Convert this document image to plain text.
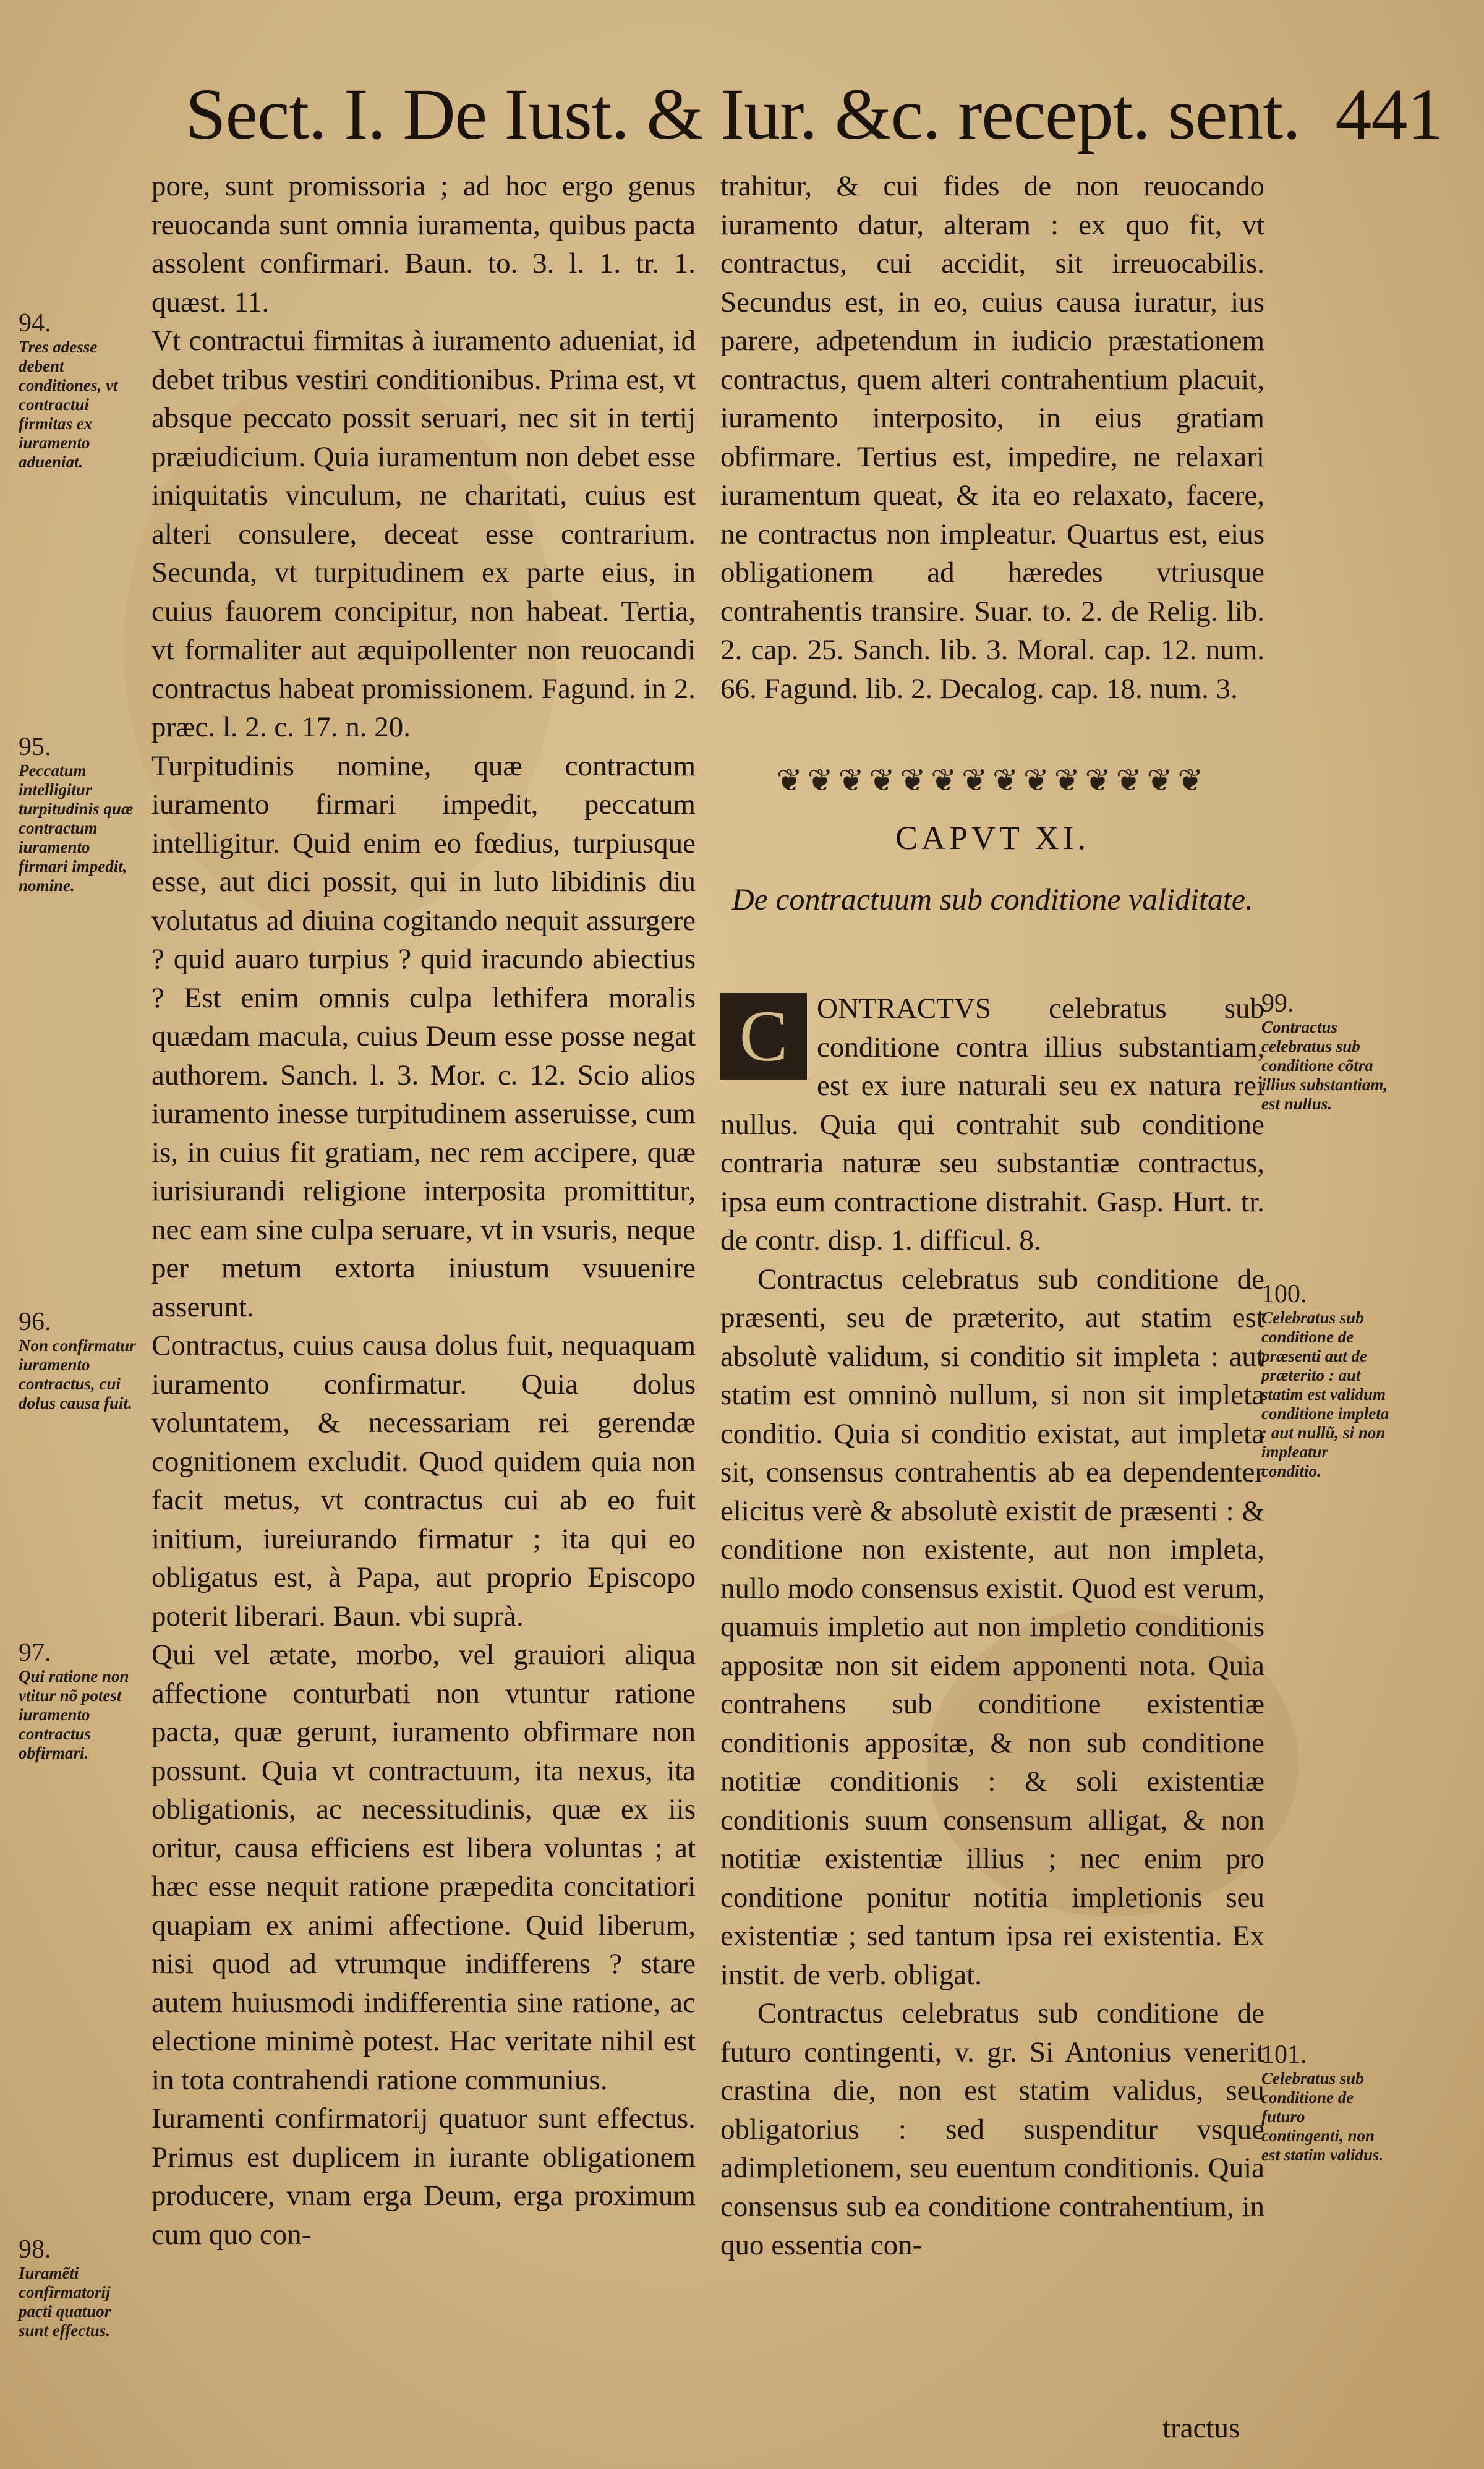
Sect. I. De Iust. & Iur. &c. recept. sent. 441
94.
Tres adesse debent conditiones, vt contractui firmitas ex iuramento adueniat.
95.
Peccatum intelligitur turpitudinis quæ contractum iuramento firmari impedit, nomine.
96.
Non confirmatur iuramento contractus, cui dolus causa fuit.
97.
Qui ratione non vtitur nõ potest iuramento contractus obfirmari.
98.
Iuramẽti confirmatorij pacti quatuor sunt effectus.

pore, sunt promissoria ; ad hoc ergo genus reuocanda sunt omnia iuramenta, quibus pacta assolent confirmari. Baun. to. 3. l. 1. tr. 1. quæst. 11.

Vt contractui firmitas à iuramento adueniat, id debet tribus vestiri conditionibus. Prima est, vt absque peccato possit seruari, nec sit in tertij præiudicium. Quia iuramentum non debet esse iniquitatis vinculum, ne charitati, cuius est alteri consulere, deceat esse contrarium. Secunda, vt turpitudinem ex parte eius, in cuius fauorem concipitur, non habeat. Tertia, vt formaliter aut æquipollenter non reuocandi contractus habeat promissionem. Fagund. in 2. præc. l. 2. c. 17. n. 20.

Turpitudinis nomine, quæ contractum iuramento firmari impedit, peccatum intelligitur. Quid enim eo fœdius, turpiusque esse, aut dici possit, qui in luto libidinis diu volutatus ad diuina cogitando nequit assurgere ? quid auaro turpius ? quid iracundo abiectius ? Est enim omnis culpa lethifera moralis quædam macula, cuius Deum esse posse negat authorem. Sanch. l. 3. Mor. c. 12. Scio alios iuramento inesse turpitudinem asseruisse, cum is, in cuius fit gratiam, nec rem accipere, quæ iurisiurandi religione interposita promittitur, nec eam sine culpa seruare, vt in vsuris, neque per metum extorta iniustum vsuuenire asserunt.

Contractus, cuius causa dolus fuit, nequaquam iuramento confirmatur. Quia dolus voluntatem, & necessariam rei gerendæ cognitionem excludit. Quod quidem quia non facit metus, vt contractus cui ab eo fuit initium, iureiurando firmatur ; ita qui eo obligatus est, à Papa, aut proprio Episcopo poterit liberari. Baun. vbi suprà.

Qui vel ætate, morbo, vel grauiori aliqua affectione conturbati non vtuntur ratione pacta, quæ gerunt, iuramento obfirmare non possunt. Quia vt contractuum, ita nexus, ita obligationis, ac necessitudinis, quæ ex iis oritur, causa efficiens est libera voluntas ; at hæc esse nequit ratione præpedita concitatiori quapiam ex animi affectione. Quid liberum, nisi quod ad vtrumque indifferens ? stare autem huiusmodi indifferentia sine ratione, ac electione minimè potest. Hac veritate nihil est in tota contrahendi ratione communius.

Iuramenti confirmatorij quatuor sunt effectus. Primus est duplicem in iurante obligationem producere, vnam erga Deum, erga proximum cum quo con-

trahitur, & cui fides de non reuocando iuramento datur, alteram : ex quo fit, vt contractus, cui accidit, sit irreuocabilis. Secundus est, in eo, cuius causa iuratur, ius parere, adpetendum in iudicio præstationem contractus, quem alteri contrahentium placuit, iuramento interposito, in eius gratiam obfirmare. Tertius est, impedire, ne relaxari iuramentum queat, & ita eo relaxato, facere, ne contractus non impleatur. Quartus est, eius obligationem ad hæredes vtriusque contrahentis transire. Suar. to. 2. de Relig. lib. 2. cap. 25. Sanch. lib. 3. Moral. cap. 12. num. 66. Fagund. lib. 2. Decalog. cap. 18. num. 3.

❦❦❦❦❦❦❦❦❦❦❦❦❦❦
CAPVT XI.
De contractuum sub conditione validitate.

C ONTRACTVS celebratus sub conditione contra illius substantiam, est ex iure naturali seu ex natura rei nullus. Quia qui contrahit sub conditione contraria naturæ seu substantiæ contractus, ipsa eum contractione distrahit. Gasp. Hurt. tr. de contr. disp. 1. difficul. 8.

Contractus celebratus sub conditione de præsenti, seu de præterito, aut statim est absolutè validum, si conditio sit impleta : aut statim est omninò nullum, si non sit impleta conditio. Quia si conditio existat, aut impleta sit, consensus contrahentis ab ea dependenter elicitus verè & absolutè existit de præsenti : & conditione non existente, aut non impleta, nullo modo consensus existit. Quod est verum, quamuis impletio aut non impletio conditionis appositæ non sit eidem apponenti nota. Quia contrahens sub conditione existentiæ conditionis appositæ, & non sub conditione notitiæ conditionis : & soli existentiæ conditionis suum consensum alligat, & non notitiæ existentiæ illius ; nec enim pro conditione ponitur notitia impletionis seu existentiæ ; sed tantum ipsa rei existentia. Ex instit. de verb. obligat.

Contractus celebratus sub conditione de futuro contingenti, v. gr. Si Antonius venerit crastina die, non est statim validus, seu obligatorius : sed suspenditur vsque adimpletionem, seu euentum conditionis. Quia consensus sub ea conditione contrahentium, in quo essentia con-

tractus
99.
Contractus celebratus sub conditione cõtra illius substantiam, est nullus.
100.
Celebratus sub conditione de præsenti aut de præterito : aut statim est validum conditione impleta : aut nullũ, si non impleatur conditio.
101.
Celebratus sub conditione de futuro contingenti, non est statim validus.
